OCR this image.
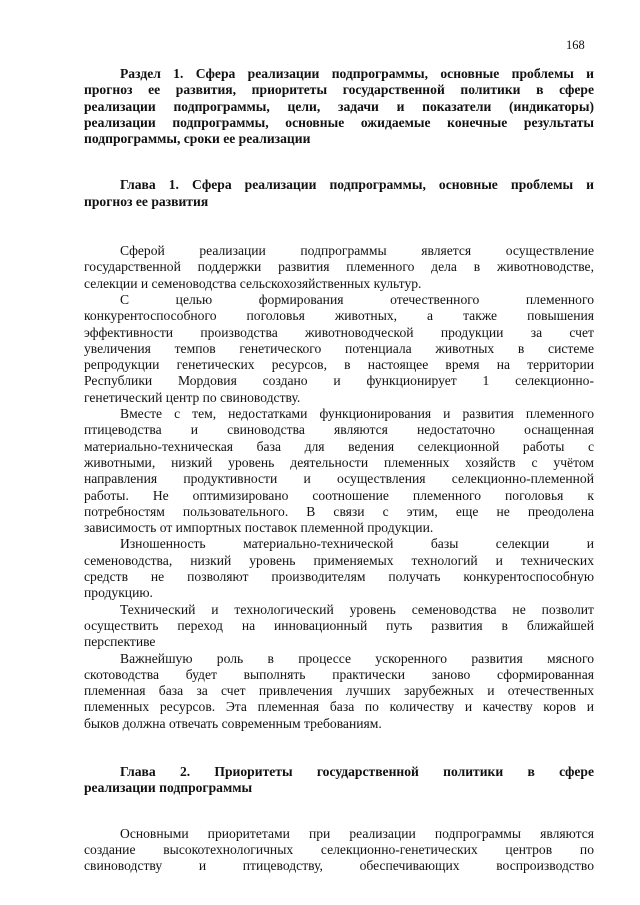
168
Раздел 1. Сфера реализации подпрограммы, основные проблемы и
прогноз ее развития, приоритеты государственной политики в сфере
реализации подпрограммы, цели, задачи и показатели (индикаторы)
реализации подпрограммы, основные ожидаемые конечные результаты
подпрограммы, сроки ее реализации
Глава 1. Сфера реализации подпрограммы, основные проблемы и
прогноз ее развития
Сферой реализации подпрограммы является осуществление
государственной поддержки развития племенного дела в животноводстве,
селекции и семеноводства сельскохозяйственных культур.
С целью формирования отечественного племенного
конкурентоспособного поголовья животных, а также повышения
эффективности производства животноводческой продукции за счет
увеличения темпов генетического потенциала животных в системе
репродукции генетических ресурсов, в настоящее время на территории
Республики Мордовия создано и функционирует 1 селекционно-
генетический центр по свиноводству.
Вместе с тем, недостатками функционирования и развития племенного
птицеводства и свиноводства являются недостаточно оснащенная
материально-техническая база для ведения селекционной работы с
животными, низкий уровень деятельности племенных хозяйств с учётом
направления продуктивности и осуществления селекционно-племенной
работы. Не оптимизировано соотношение племенного поголовья к
потребностям пользовательного. В связи с этим, еще не преодолена
зависимость от импортных поставок племенной продукции.
Изношенность материально-технической базы селекции и
семеноводства, низкий уровень применяемых технологий и технических
средств не позволяют производителям получать конкурентоспособную
продукцию.
Технический и технологический уровень семеноводства не позволит
осуществить переход на инновационный путь развития в ближайшей
перспективе
Важнейшую роль в процессе ускоренного развития мясного
скотоводства будет выполнять практически заново сформированная
племенная база за счет привлечения лучших зарубежных и отечественных
племенных ресурсов. Эта племенная база по количеству и качеству коров и
быков должна отвечать современным требованиям.
Глава 2. Приоритеты государственной политики в сфере
реализации подпрограммы
Основными приоритетами при реализации подпрограммы являются
создание высокотехнологичных селекционно-генетических центров по
свиноводству и птицеводству, обеспечивающих воспроизводство
